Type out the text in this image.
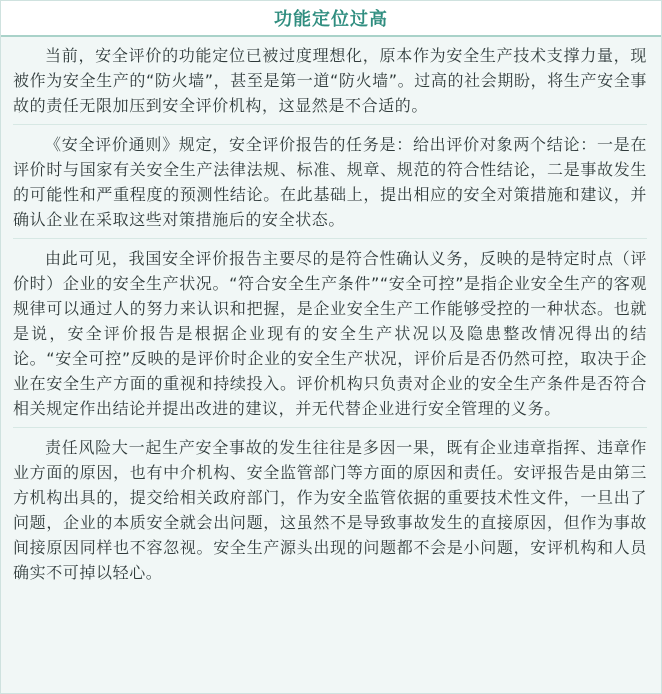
功能定位过高

当前，安全评价的功能定位已被过度理想化，原本作为安全生产技术支撑力量，现被作为安全生产的“防火墙”，甚至是第一道“防火墙”。过高的社会期盼，将生产安全事故的责任无限加压到安全评价机构，这显然是不合适的。

《安全评价通则》规定，安全评价报告的任务是：给出评价对象两个结论：一是在评价时与国家有关安全生产法律法规、标准、规章、规范的符合性结论，二是事故发生的可能性和严重程度的预测性结论。在此基础上，提出相应的安全对策措施和建议，并确认企业在采取这些对策措施后的安全状态。

由此可见，我国安全评价报告主要尽的是符合性确认义务，反映的是特定时点（评价时）企业的安全生产状况。“符合安全生产条件”“安全可控”是指企业安全生产的客观规律可以通过人的努力来认识和把握，是企业安全生产工作能够受控的一种状态。也就是说，安全评价报告是根据企业现有的安全生产状况以及隐患整改情况得出的结论。“安全可控”反映的是评价时企业的安全生产状况，评价后是否仍然可控，取决于企业在安全生产方面的重视和持续投入。评价机构只负责对企业的安全生产条件是否符合相关规定作出结论并提出改进的建议，并无代替企业进行安全管理的义务。

责任风险大一起生产安全事故的发生往往是多因一果，既有企业违章指挥、违章作业方面的原因，也有中介机构、安全监管部门等方面的原因和责任。安评报告是由第三方机构出具的，提交给相关政府部门，作为安全监管依据的重要技术性文件，一旦出了问题，企业的本质安全就会出问题，这虽然不是导致事故发生的直接原因，但作为事故间接原因同样也不容忽视。安全生产源头出现的问题都不会是小问题，安评机构和人员确实不可掉以轻心。
